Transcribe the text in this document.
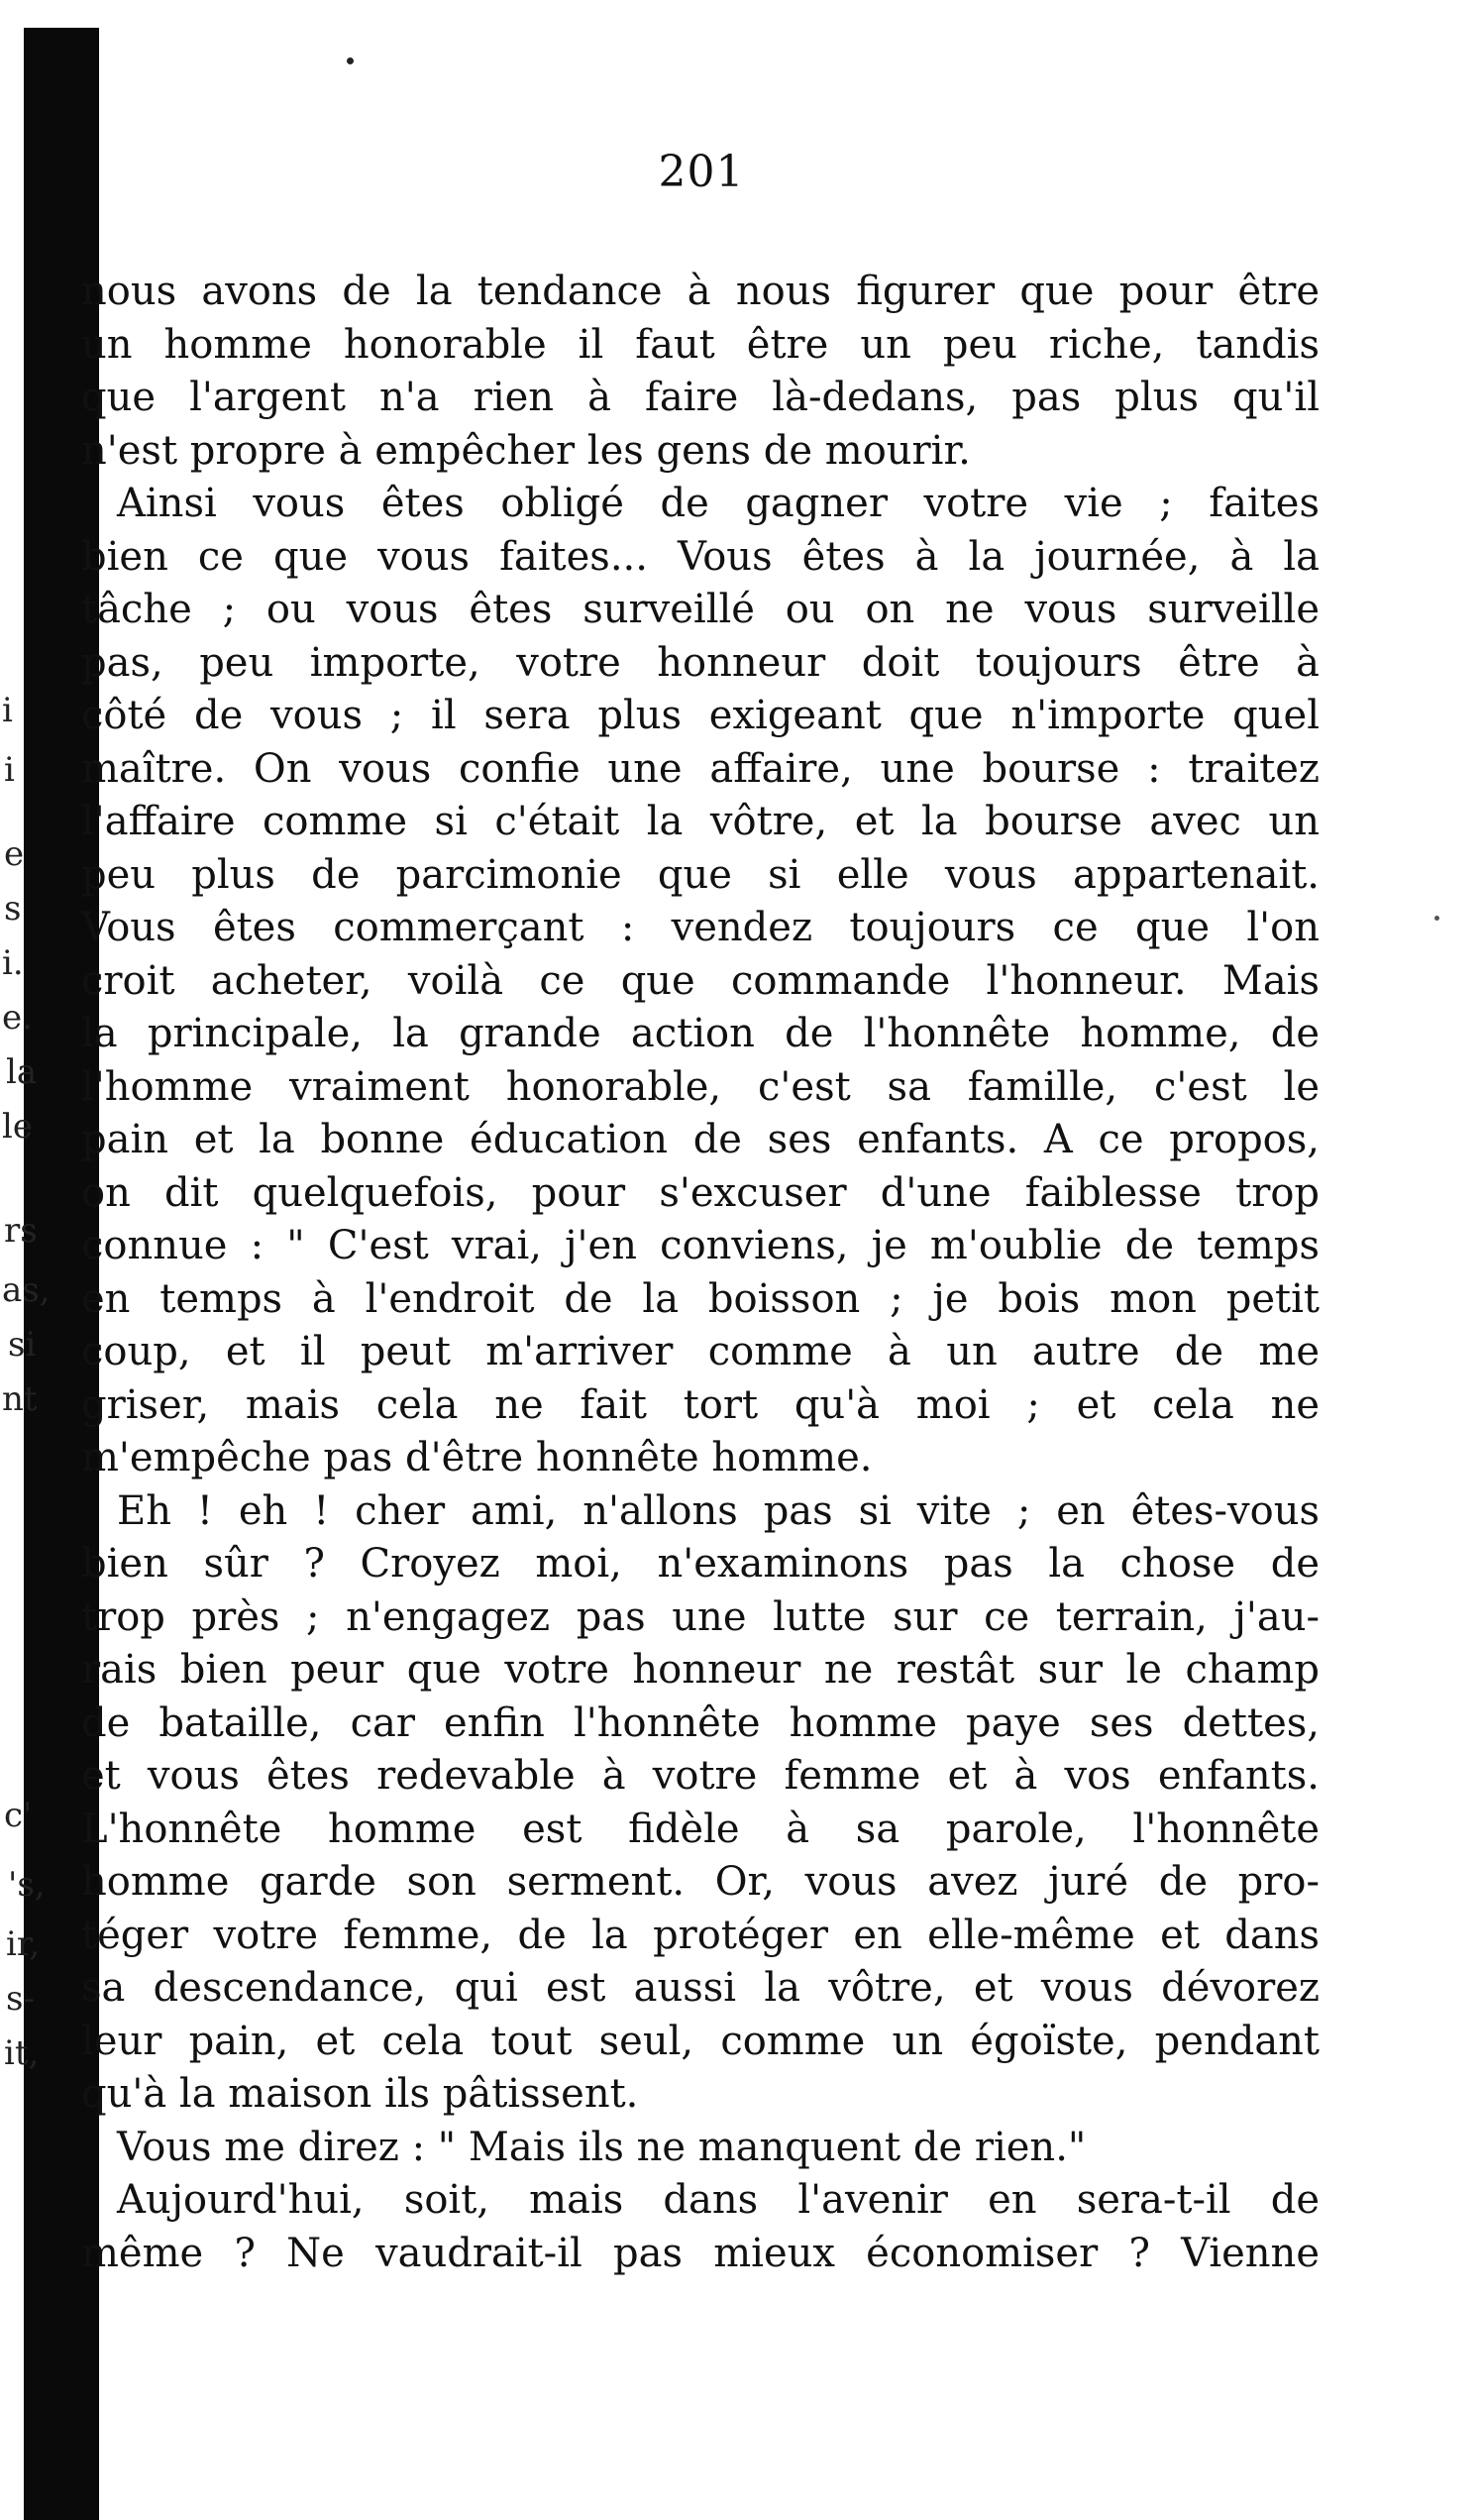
201
i
i
e
s
i.
e.
la
le
rs
as,
si
nt
c'
's,
ir,
s-
it,
nous avons de la tendance à nous figurer que pour être
un homme honorable il faut être un peu riche, tandis
que l'argent n'a rien à faire là-dedans, pas plus qu'il
n'est propre à empêcher les gens de mourir.
Ainsi vous êtes obligé de gagner votre vie ; faites
bien ce que vous faites... Vous êtes à la journée, à la
tâche ; ou vous êtes surveillé ou on ne vous surveille
pas, peu importe, votre honneur doit toujours être à
côté de vous ; il sera plus exigeant que n'importe quel
maître. On vous confie une affaire, une bourse : traitez
l'affaire comme si c'était la vôtre, et la bourse avec un
peu plus de parcimonie que si elle vous appartenait.
Vous êtes commerçant : vendez toujours ce que l'on
croit acheter, voilà ce que commande l'honneur. Mais
la principale, la grande action de l'honnête homme, de
l'homme vraiment honorable, c'est sa famille, c'est le
pain et la bonne éducation de ses enfants. A ce propos,
on dit quelquefois, pour s'excuser d'une faiblesse trop
connue : " C'est vrai, j'en conviens, je m'oublie de temps
en temps à l'endroit de la boisson ; je bois mon petit
coup, et il peut m'arriver comme à un autre de me
griser, mais cela ne fait tort qu'à moi ; et cela ne
m'empêche pas d'être honnête homme.
Eh ! eh ! cher ami, n'allons pas si vite ; en êtes-vous
bien sûr ? Croyez moi, n'examinons pas la chose de
trop près ; n'engagez pas une lutte sur ce terrain, j'au-
rais bien peur que votre honneur ne restât sur le champ
de bataille, car enfin l'honnête homme paye ses dettes,
et vous êtes redevable à votre femme et à vos enfants.
L'honnête homme est fidèle à sa parole, l'honnête
homme garde son serment. Or, vous avez juré de pro-
téger votre femme, de la protéger en elle-même et dans
sa descendance, qui est aussi la vôtre, et vous dévorez
leur pain, et cela tout seul, comme un égoïste, pendant
qu'à la maison ils pâtissent.
Vous me direz : " Mais ils ne manquent de rien."
Aujourd'hui, soit, mais dans l'avenir en sera-t-il de
même ? Ne vaudrait-il pas mieux économiser ? Vienne
